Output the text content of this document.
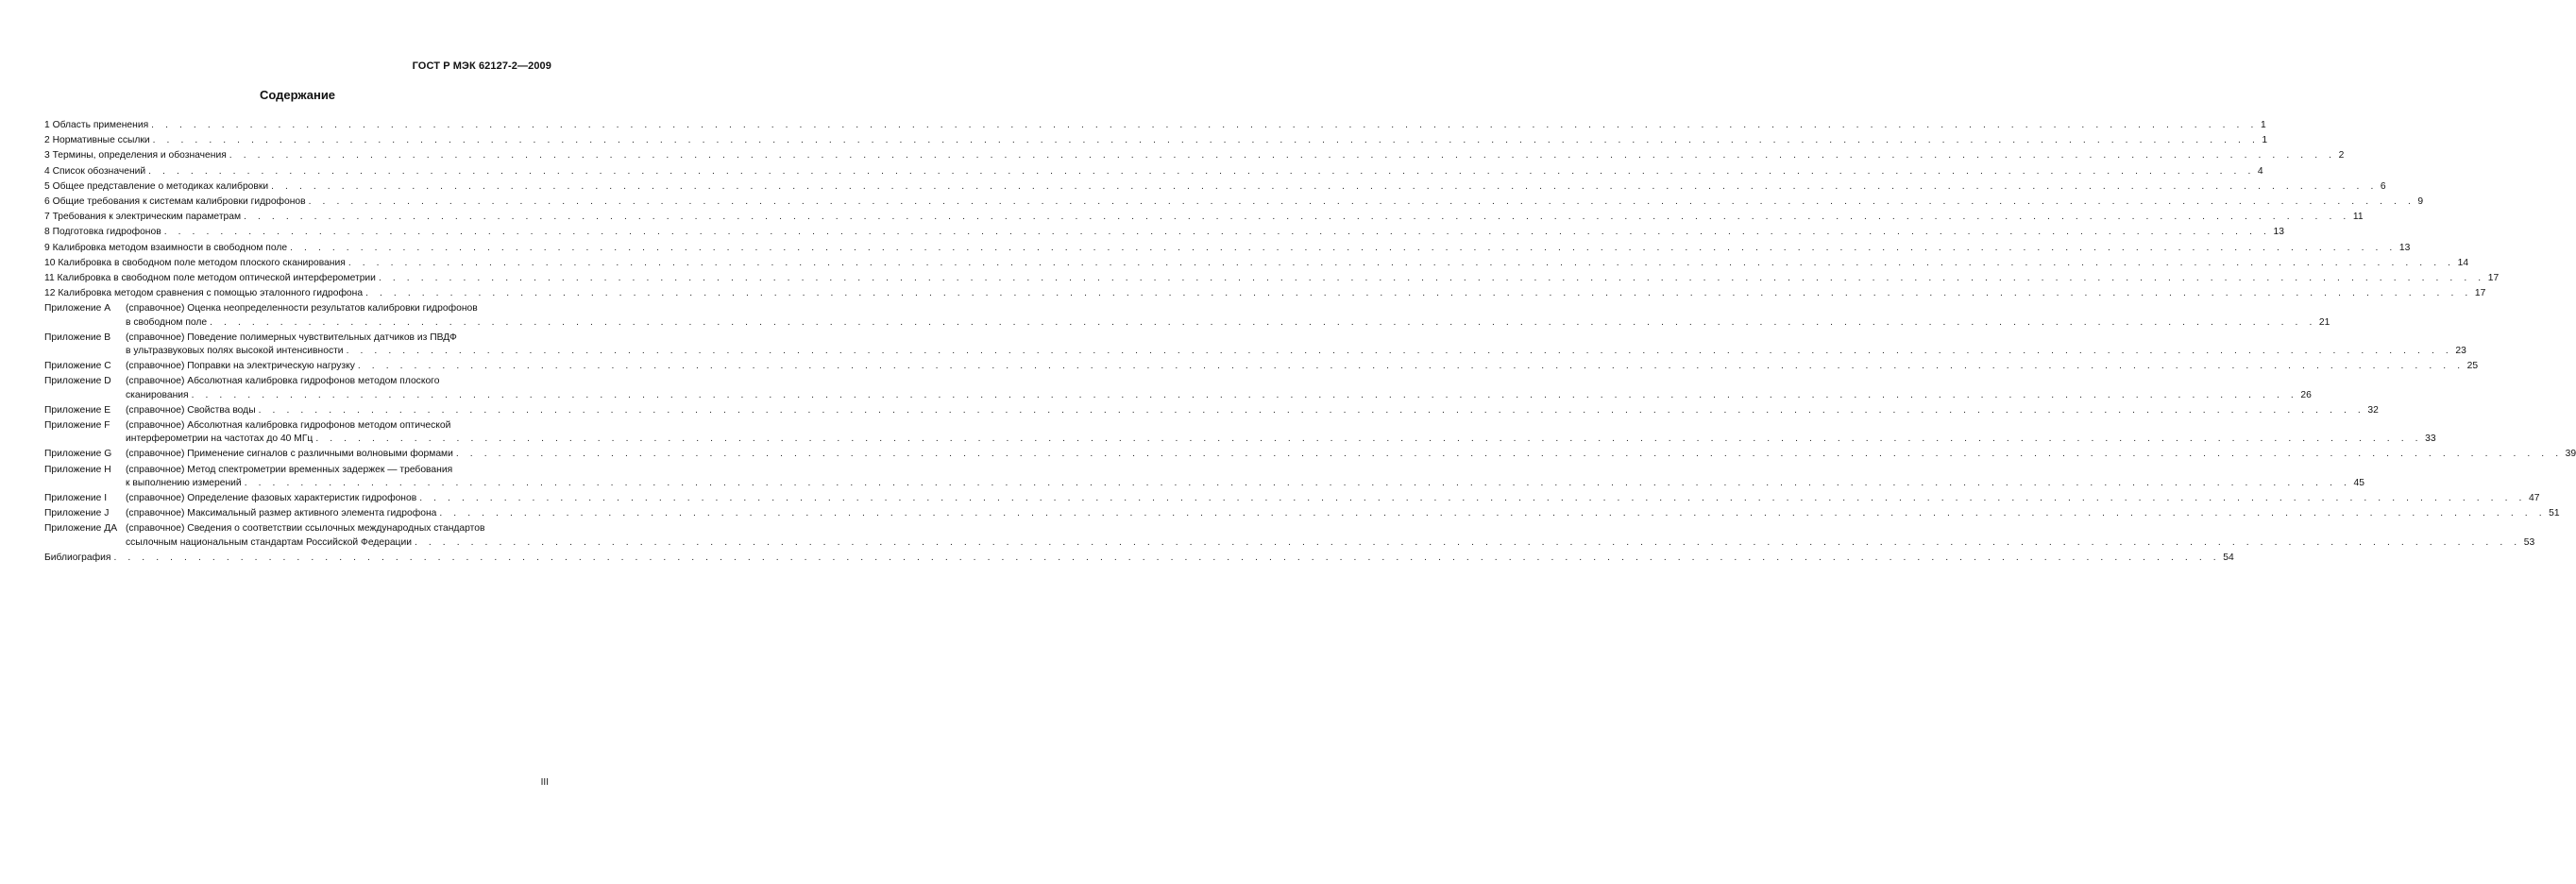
ГОСТ Р МЭК 62127-2—2009
Содержание
1 Область применения . . . . . . . . . . . . . . . . . . . . . . . . . . . . . . . . . . . . . . . . . . . . . . . . . . . . . . . . . . . . . . . . . . . . . . . . . . . . . . . . . . . . . . . . . . . . . . . . . . . . . . . . . . . . . . . . . . . . . . . . . . . . . . . . . . . . . . . . . . . . . . . . . . . . . . 1
2 Нормативные ссылки . . . . . . . . . . . . . . . . . . . . . . . . . . . . . . . . . . . . . . . . . . . . . . . . . . . . . . . . . . . . . . . . . . . . . . . . . . . . . . . . . . . . . . . . . . . . . . . . . . . . . . . . . . . . . . . . . . . . . . . . . . . . . . . . . . . . . . . . . . . . . . . . . . . . . . 1
3 Термины, определения и обозначения . . . . . . . . . . . . . . . . . . . . . . . . . . . . . . . . . . . . . . . . . . . . . . . . . . . . . . . . . . . . . . . . . . . . . . . . . . . . . . . . . . . . . . . . . . . . . . . . . . . . . . . . . . . . . . . . . . . . . . . . . . . . . . . . . . . . . . . . . . . . . . . . . . . . . . 2
4 Список обозначений . . . . . . . . . . . . . . . . . . . . . . . . . . . . . . . . . . . . . . . . . . . . . . . . . . . . . . . . . . . . . . . . . . . . . . . . . . . . . . . . . . . . . . . . . . . . . . . . . . . . . . . . . . . . . . . . . . . . . . . . . . . . . . . . . . . . . . . . . . . . . . . . . . . . . . 4
5 Общее представление о методиках калибровки . . . . . . . . . . . . . . . . . . . . . . . . . . . . . . . . . . . . . . . . . . . . . . . . . . . . . . . . . . . . . . . . . . . . . . . . . . . . . . . . . . . . . . . . . . . . . . . . . . . . . . . . . . . . . . . . . . . . . . . . . . . . . . . . . . . . . . . . . . . . . . . . . . . . . . 6
6 Общие требования к системам калибровки гидрофонов . . . . . . . . . . . . . . . . . . . . . . . . . . . . . . . . . . . . . . . . . . . . . . . . . . . . . . . . . . . . . . . . . . . . . . . . . . . . . . . . . . . . . . . . . . . . . . . . . . . . . . . . . . . . . . . . . . . . . . . . . . . . . . . . . . . . . . . . . . . . . . . . . . . . . . 9
7 Требования к электрическим параметрам . . . . . . . . . . . . . . . . . . . . . . . . . . . . . . . . . . . . . . . . . . . . . . . . . . . . . . . . . . . . . . . . . . . . . . . . . . . . . . . . . . . . . . . . . . . . . . . . . . . . . . . . . . . . . . . . . . . . . . . . . . . . . . . . . . . . . . . . . . . . . . . . . . . . . . 11
8 Подготовка гидрофонов . . . . . . . . . . . . . . . . . . . . . . . . . . . . . . . . . . . . . . . . . . . . . . . . . . . . . . . . . . . . . . . . . . . . . . . . . . . . . . . . . . . . . . . . . . . . . . . . . . . . . . . . . . . . . . . . . . . . . . . . . . . . . . . . . . . . . . . . . . . . . . . . . . . . . . 13
9 Калибровка методом взаимности в свободном поле . . . . . . . . . . . . . . . . . . . . . . . . . . . . . . . . . . . . . . . . . . . . . . . . . . . . . . . . . . . . . . . . . . . . . . . . . . . . . . . . . . . . . . . . . . . . . . . . . . . . . . . . . . . . . . . . . . . . . . . . . . . . . . . . . . . . . . . . . . . . . . . . . . . . . . 13
10 Калибровка в свободном поле методом плоского сканирования . . . . . . . . . . . . . . . . . . . . . . . . . . . . . . . . . . . . . . . . . . . . . . . . . . . . . . . . . . . . . . . . . . . . . . . . . . . . . . . . . . . . . . . . . . . . . . . . . . . . . . . . . . . . . . . . . . . . . . . . . . . . . . . . . . . . . . . . . . . . . . . . . . . . . . 14
11 Калибровка в свободном поле методом оптической интерферометрии . . . . . . . . . . . . . . . . . . . . . . . . . . . . . . . . . . . . . . . . . . . . . . . . . . . . . . . . . . . . . . . . . . . . . . . . . . . . . . . . . . . . . . . . . . . . . . . . . . . . . . . . . . . . . . . . . . . . . . . . . . . . . . . . . . . . . . . . . . . . . . . . . . . . . . 17
12 Калибровка методом сравнения с помощью эталонного гидрофона . . . . . . . . . . . . . . . . . . . . . . . . . . . . . . . . . . . . . . . . . . . . . . . . . . . . . . . . . . . . . . . . . . . . . . . . . . . . . . . . . . . . . . . . . . . . . . . . . . . . . . . . . . . . . . . . . . . . . . . . . . . . . . . . . . . . . . . . . . . . . . . . . . . . . . 17
Приложение А	(справочное) Оценка неопределенности результатов калибровки гидрофонов
в свободном поле . . . . . . . . . . . . . . . . . . . . . . . . . . . . . . . . . . . . . . . . . . . . . . . . . . . . . . . . . . . . . . . . . . . . . . . . . . . . . . . . . . . . . . . . . . . . . . . . . . . . . . . . . . . . . . . . . . . . . . . . . . . . . . . . . . . . . . . . . . . . . . . . . . . . . . 21
Приложение В	(справочное) Поведение полимерных чувствительных датчиков из ПВДФ
в ультразвуковых полях высокой интенсивности . . . . . . . . . . . . . . . . . . . . . . . . . . . . . . . . . . . . . . . . . . . . . . . . . . . . . . . . . . . . . . . . . . . . . . . . . . . . . . . . . . . . . . . . . . . . . . . . . . . . . . . . . . . . . . . . . . . . . . . . . . . . . . . . . . . . . . . . . . . . . . . . . . . . . . 23
Приложение С	(справочное) Поправки на электрическую нагрузку . . . . . . . . . . . . . . . . . . . . . . . . . . . . . . . . . . . . . . . . . . . . . . . . . . . . . . . . . . . . . . . . . . . . . . . . . . . . . . . . . . . . . . . . . . . . . . . . . . . . . . . . . . . . . . . . . . . . . . . . . . . . . . . . . . . . . . . . . . . . . . . . . . . . . . 25
Приложение D	(справочное) Абсолютная калибровка гидрофонов методом плоского
сканирования . . . . . . . . . . . . . . . . . . . . . . . . . . . . . . . . . . . . . . . . . . . . . . . . . . . . . . . . . . . . . . . . . . . . . . . . . . . . . . . . . . . . . . . . . . . . . . . . . . . . . . . . . . . . . . . . . . . . . . . . . . . . . . . . . . . . . . . . . . . . . . . . . . . . . . 26
Приложение Е	(справочное) Свойства воды . . . . . . . . . . . . . . . . . . . . . . . . . . . . . . . . . . . . . . . . . . . . . . . . . . . . . . . . . . . . . . . . . . . . . . . . . . . . . . . . . . . . . . . . . . . . . . . . . . . . . . . . . . . . . . . . . . . . . . . . . . . . . . . . . . . . . . . . . . . . . . . . . . . . . . 32
Приложение F	(справочное) Абсолютная калибровка гидрофонов методом оптической
интерферометрии на частотах до 40 МГц . . . . . . . . . . . . . . . . . . . . . . . . . . . . . . . . . . . . . . . . . . . . . . . . . . . . . . . . . . . . . . . . . . . . . . . . . . . . . . . . . . . . . . . . . . . . . . . . . . . . . . . . . . . . . . . . . . . . . . . . . . . . . . . . . . . . . . . . . . . . . . . . . . . . . . 33
Приложение G	(справочное) Применение сигналов с различными волновыми формами . . . . . . . . . . . . . . . . . . . . . . . . . . . . . . . . . . . . . . . . . . . . . . . . . . . . . . . . . . . . . . . . . . . . . . . . . . . . . . . . . . . . . . . . . . . . . . . . . . . . . . . . . . . . . . . . . . . . . . . . . . . . . . . . . . . . . . . . . . . . . . . . . . . . . . 39
Приложение Н	(справочное) Метод спектрометрии временных задержек — требования
к выполнению измерений . . . . . . . . . . . . . . . . . . . . . . . . . . . . . . . . . . . . . . . . . . . . . . . . . . . . . . . . . . . . . . . . . . . . . . . . . . . . . . . . . . . . . . . . . . . . . . . . . . . . . . . . . . . . . . . . . . . . . . . . . . . . . . . . . . . . . . . . . . . . . . . . . . . . . . 45
Приложение I	(справочное) Определение фазовых характеристик гидрофонов . . . . . . . . . . . . . . . . . . . . . . . . . . . . . . . . . . . . . . . . . . . . . . . . . . . . . . . . . . . . . . . . . . . . . . . . . . . . . . . . . . . . . . . . . . . . . . . . . . . . . . . . . . . . . . . . . . . . . . . . . . . . . . . . . . . . . . . . . . . . . . . . . . . . . . 47
Приложение J	(справочное) Максимальный размер активного элемента гидрофона . . . . . . . . . . . . . . . . . . . . . . . . . . . . . . . . . . . . . . . . . . . . . . . . . . . . . . . . . . . . . . . . . . . . . . . . . . . . . . . . . . . . . . . . . . . . . . . . . . . . . . . . . . . . . . . . . . . . . . . . . . . . . . . . . . . . . . . . . . . . . . . . . . . . . . 51
Приложение ДА (справочное) Сведения о соответствии ссылочных международных стандартов
ссылочным национальным стандартам Российской Федерации . . . . . . . . . . . . . . . . . . . . . . . . . . . . . . . . . . . . . . . . . . . . . . . . . . . . . . . . . . . . . . . . . . . . . . . . . . . . . . . . . . . . . . . . . . . . . . . . . . . . . . . . . . . . . . . . . . . . . . . . . . . . . . . . . . . . . . . . . . . . . . . . . . . . . . 53
Библиография . . . . . . . . . . . . . . . . . . . . . . . . . . . . . . . . . . . . . . . . . . . . . . . . . . . . . . . . . . . . . . . . . . . . . . . . . . . . . . . . . . . . . . . . . . . . . . . . . . . . . . . . . . . . . . . . . . . . . . . . . . . . . . . . . . . . . . . . . . . . . . . . . . . . . . 54
III
